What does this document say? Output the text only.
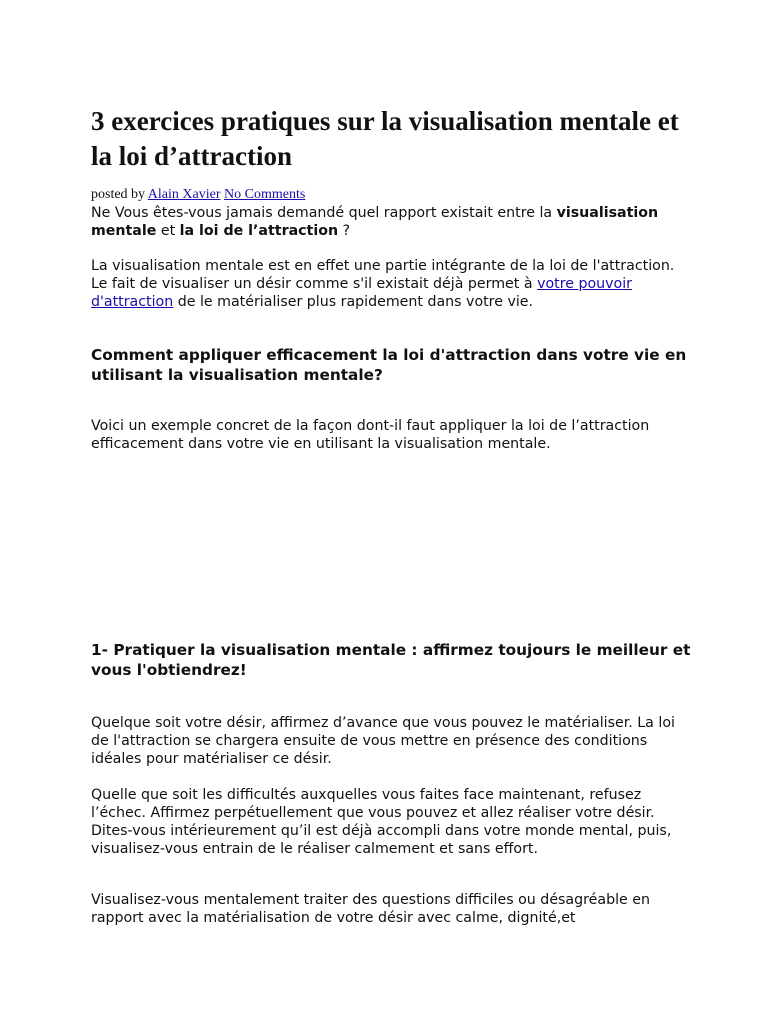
3 exercices pratiques sur la visualisation mentale et la loi d’attraction
posted by Alain Xavier No Comments

Ne Vous êtes-vous jamais demandé quel rapport existait entre la visualisation mentale et la loi de l’attraction ?

La visualisation mentale est en effet une partie intégrante de la loi de l'attraction. Le fait de visualiser un désir comme s'il existait déjà permet à votre pouvoir d'attraction de le matérialiser plus rapidement dans votre vie.

Comment appliquer efficacement la loi d'attraction dans votre vie en utilisant la visualisation mentale?

Voici un exemple concret de la façon dont-il faut appliquer la loi de l’attraction efficacement dans votre vie en utilisant la visualisation mentale.

1- Pratiquer la visualisation mentale : affirmez toujours le meilleur et vous l'obtiendrez!

Quelque soit votre désir, affirmez d’avance que vous pouvez le matérialiser. La loi de l'attraction se chargera ensuite de vous mettre en présence des conditions idéales pour matérialiser ce désir.

Quelle que soit les difficultés auxquelles vous faites face maintenant, refusez l’échec. Affirmez perpétuellement que vous pouvez et allez réaliser votre désir. Dites-vous intérieurement qu’il est déjà accompli dans votre monde mental, puis, visualisez-vous entrain de le réaliser calmement et sans effort.

Visualisez-vous mentalement traiter des questions difficiles ou désagréable en rapport avec la matérialisation de votre désir avec calme, dignité,et
